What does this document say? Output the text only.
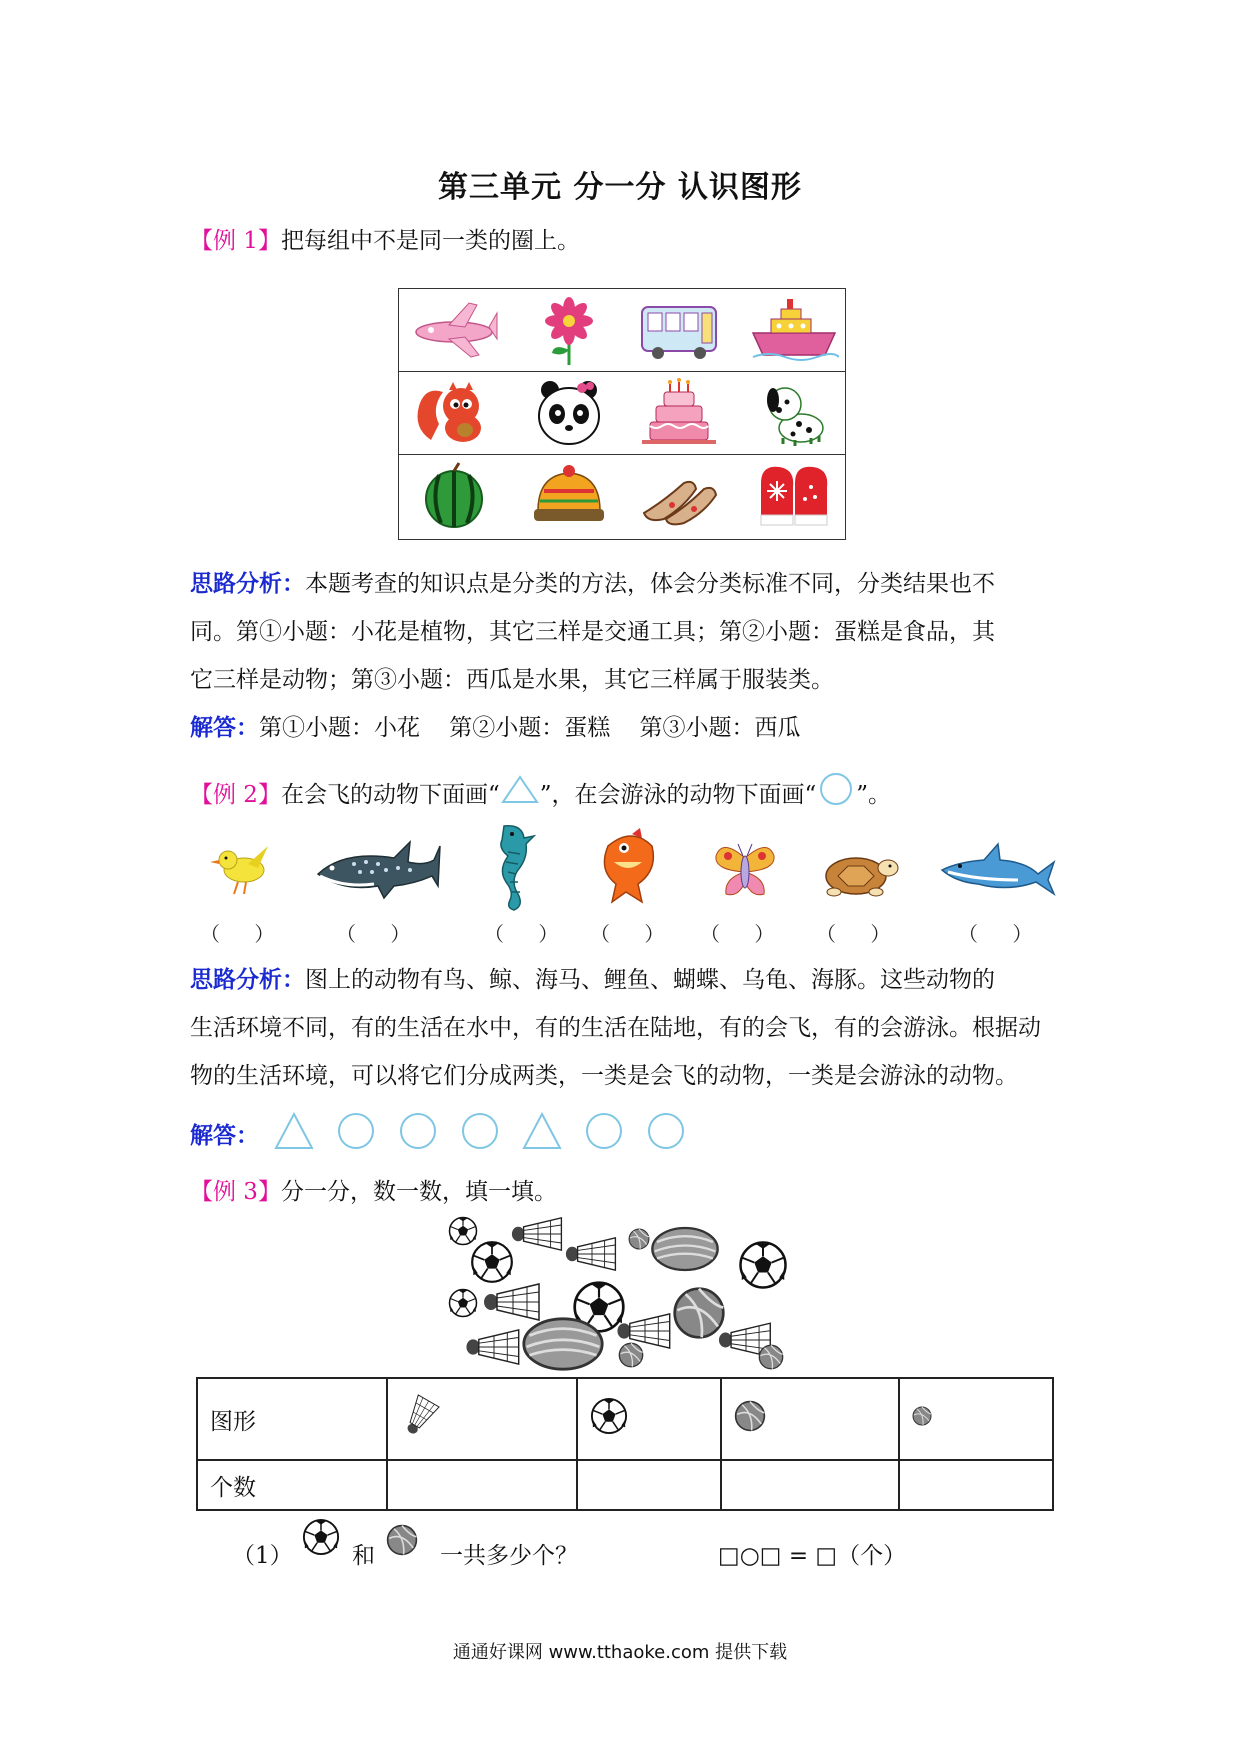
第三单元 分一分 认识图形
【例 1】把每组中不是同一类的圈上。
思路分析：本题考查的知识点是分类的方法，体会分类标准不同，分类结果也不
同。第①小题：小花是植物，其它三样是交通工具；第②小题：蛋糕是食品，其
它三样是动物；第③小题：西瓜是水果，其它三样属于服装类。
解答：第①小题：小花    第②小题：蛋糕    第③小题：西瓜
【例 2】在会飞的动物下面画“ ”，在会游泳的动物下面画“ ”。
（ ） （ ）	（ ） （ ） （ ） （ ）	（ ）
思路分析：图上的动物有鸟、鲸、海马、鲤鱼、蝴蝶、乌龟、海豚。这些动物的
生活环境不同，有的生活在水中，有的生活在陆地，有的会飞，有的会游泳。根据动
物的生活环境，可以将它们分成两类，一类是会飞的动物，一类是会游泳的动物。
解答：
【例 3】分一分，数一数，填一填。
图形				
个数				
（1）	和	一共多少个？	□○□ = □（个）
通通好课网 www.tthaoke.com 提供下载
